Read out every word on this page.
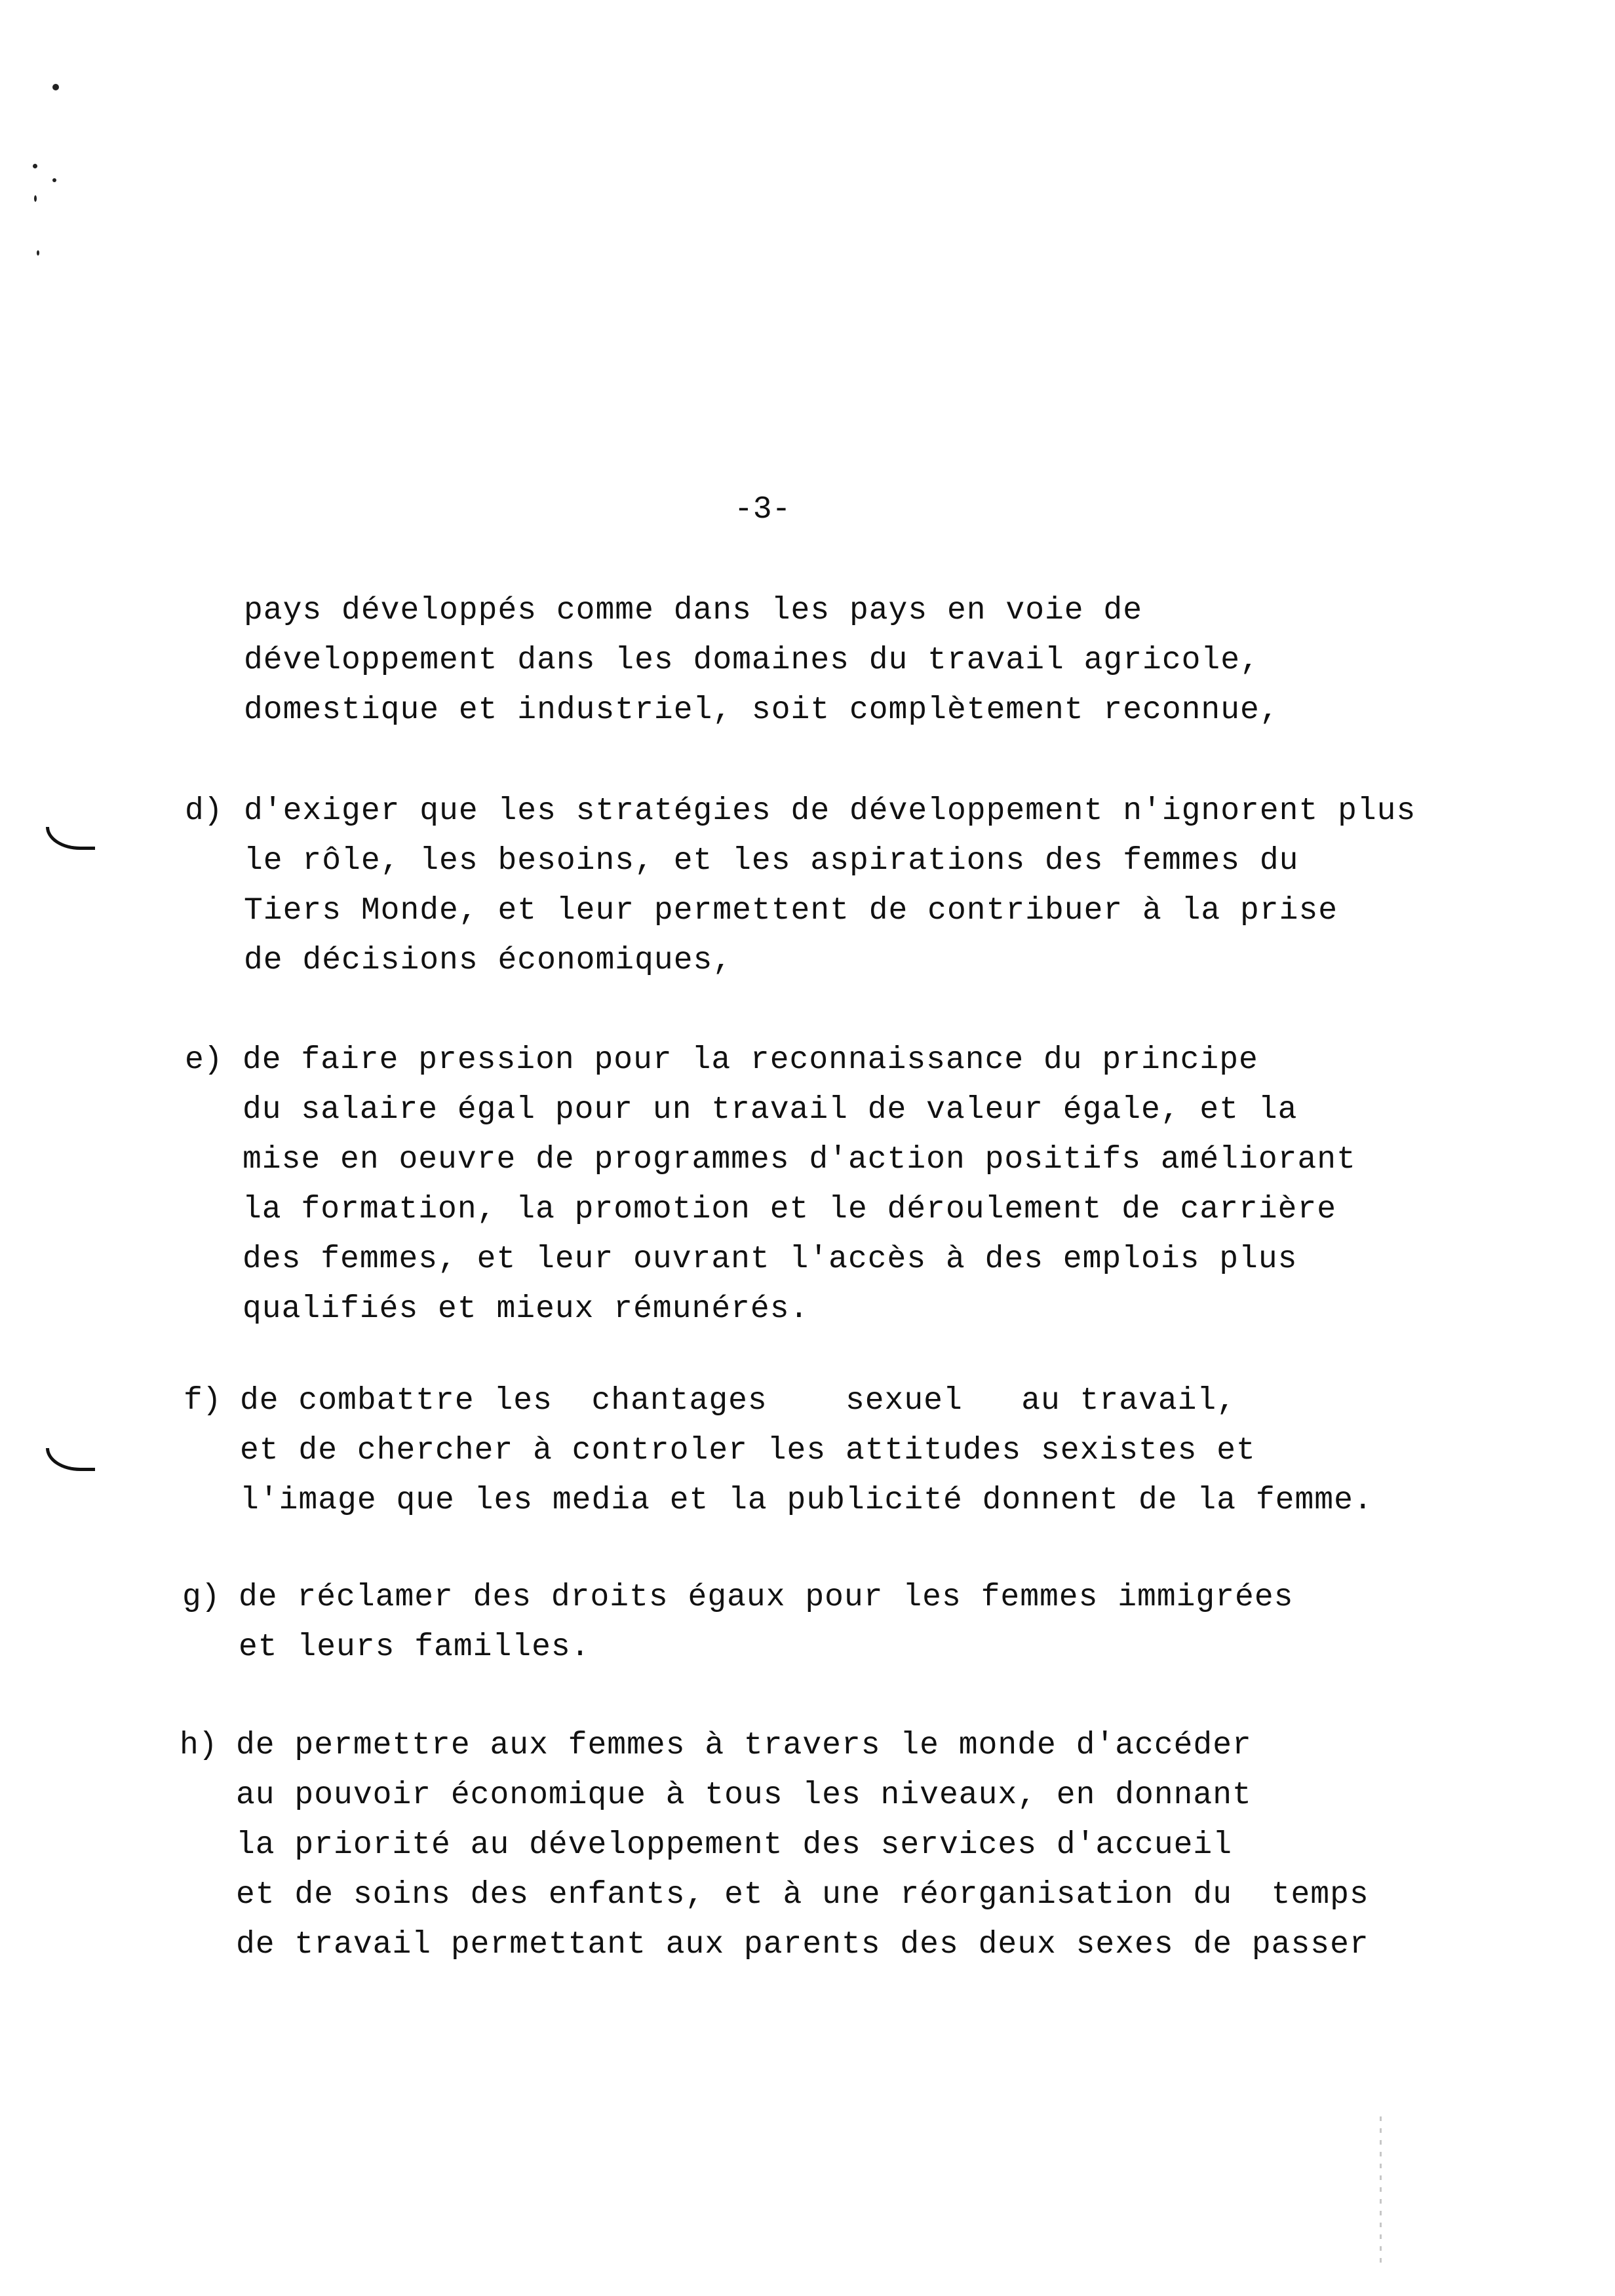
-3-
pays développés comme dans les pays en voie de
développement dans les domaines du travail agricole,
domestique et industriel, soit complètement reconnue,
d) d'exiger que les stratégies de développement n'ignorent plus
le rôle, les besoins, et les aspirations des femmes du
Tiers Monde, et leur permettent de contribuer à la prise
de décisions économiques,
e) de faire pression pour la reconnaissance du principe
du salaire égal pour un travail de valeur égale, et la
mise en oeuvre de programmes d'action positifs améliorant
la formation, la promotion et le déroulement de carrière
des femmes, et leur ouvrant l'accès à des emplois plus
qualifiés et mieux rémunérés.
f) de combattre les  chantages    sexuel   au travail,
et de chercher à controler les attitudes sexistes et
l'image que les media et la publicité donnent de la femme.
g) de réclamer des droits égaux pour les femmes immigrées
et leurs familles.
h) de permettre aux femmes à travers le monde d'accéder
au pouvoir économique à tous les niveaux, en donnant
la priorité au développement des services d'accueil
et de soins des enfants, et à une réorganisation du  temps
de travail permettant aux parents des deux sexes de passer
